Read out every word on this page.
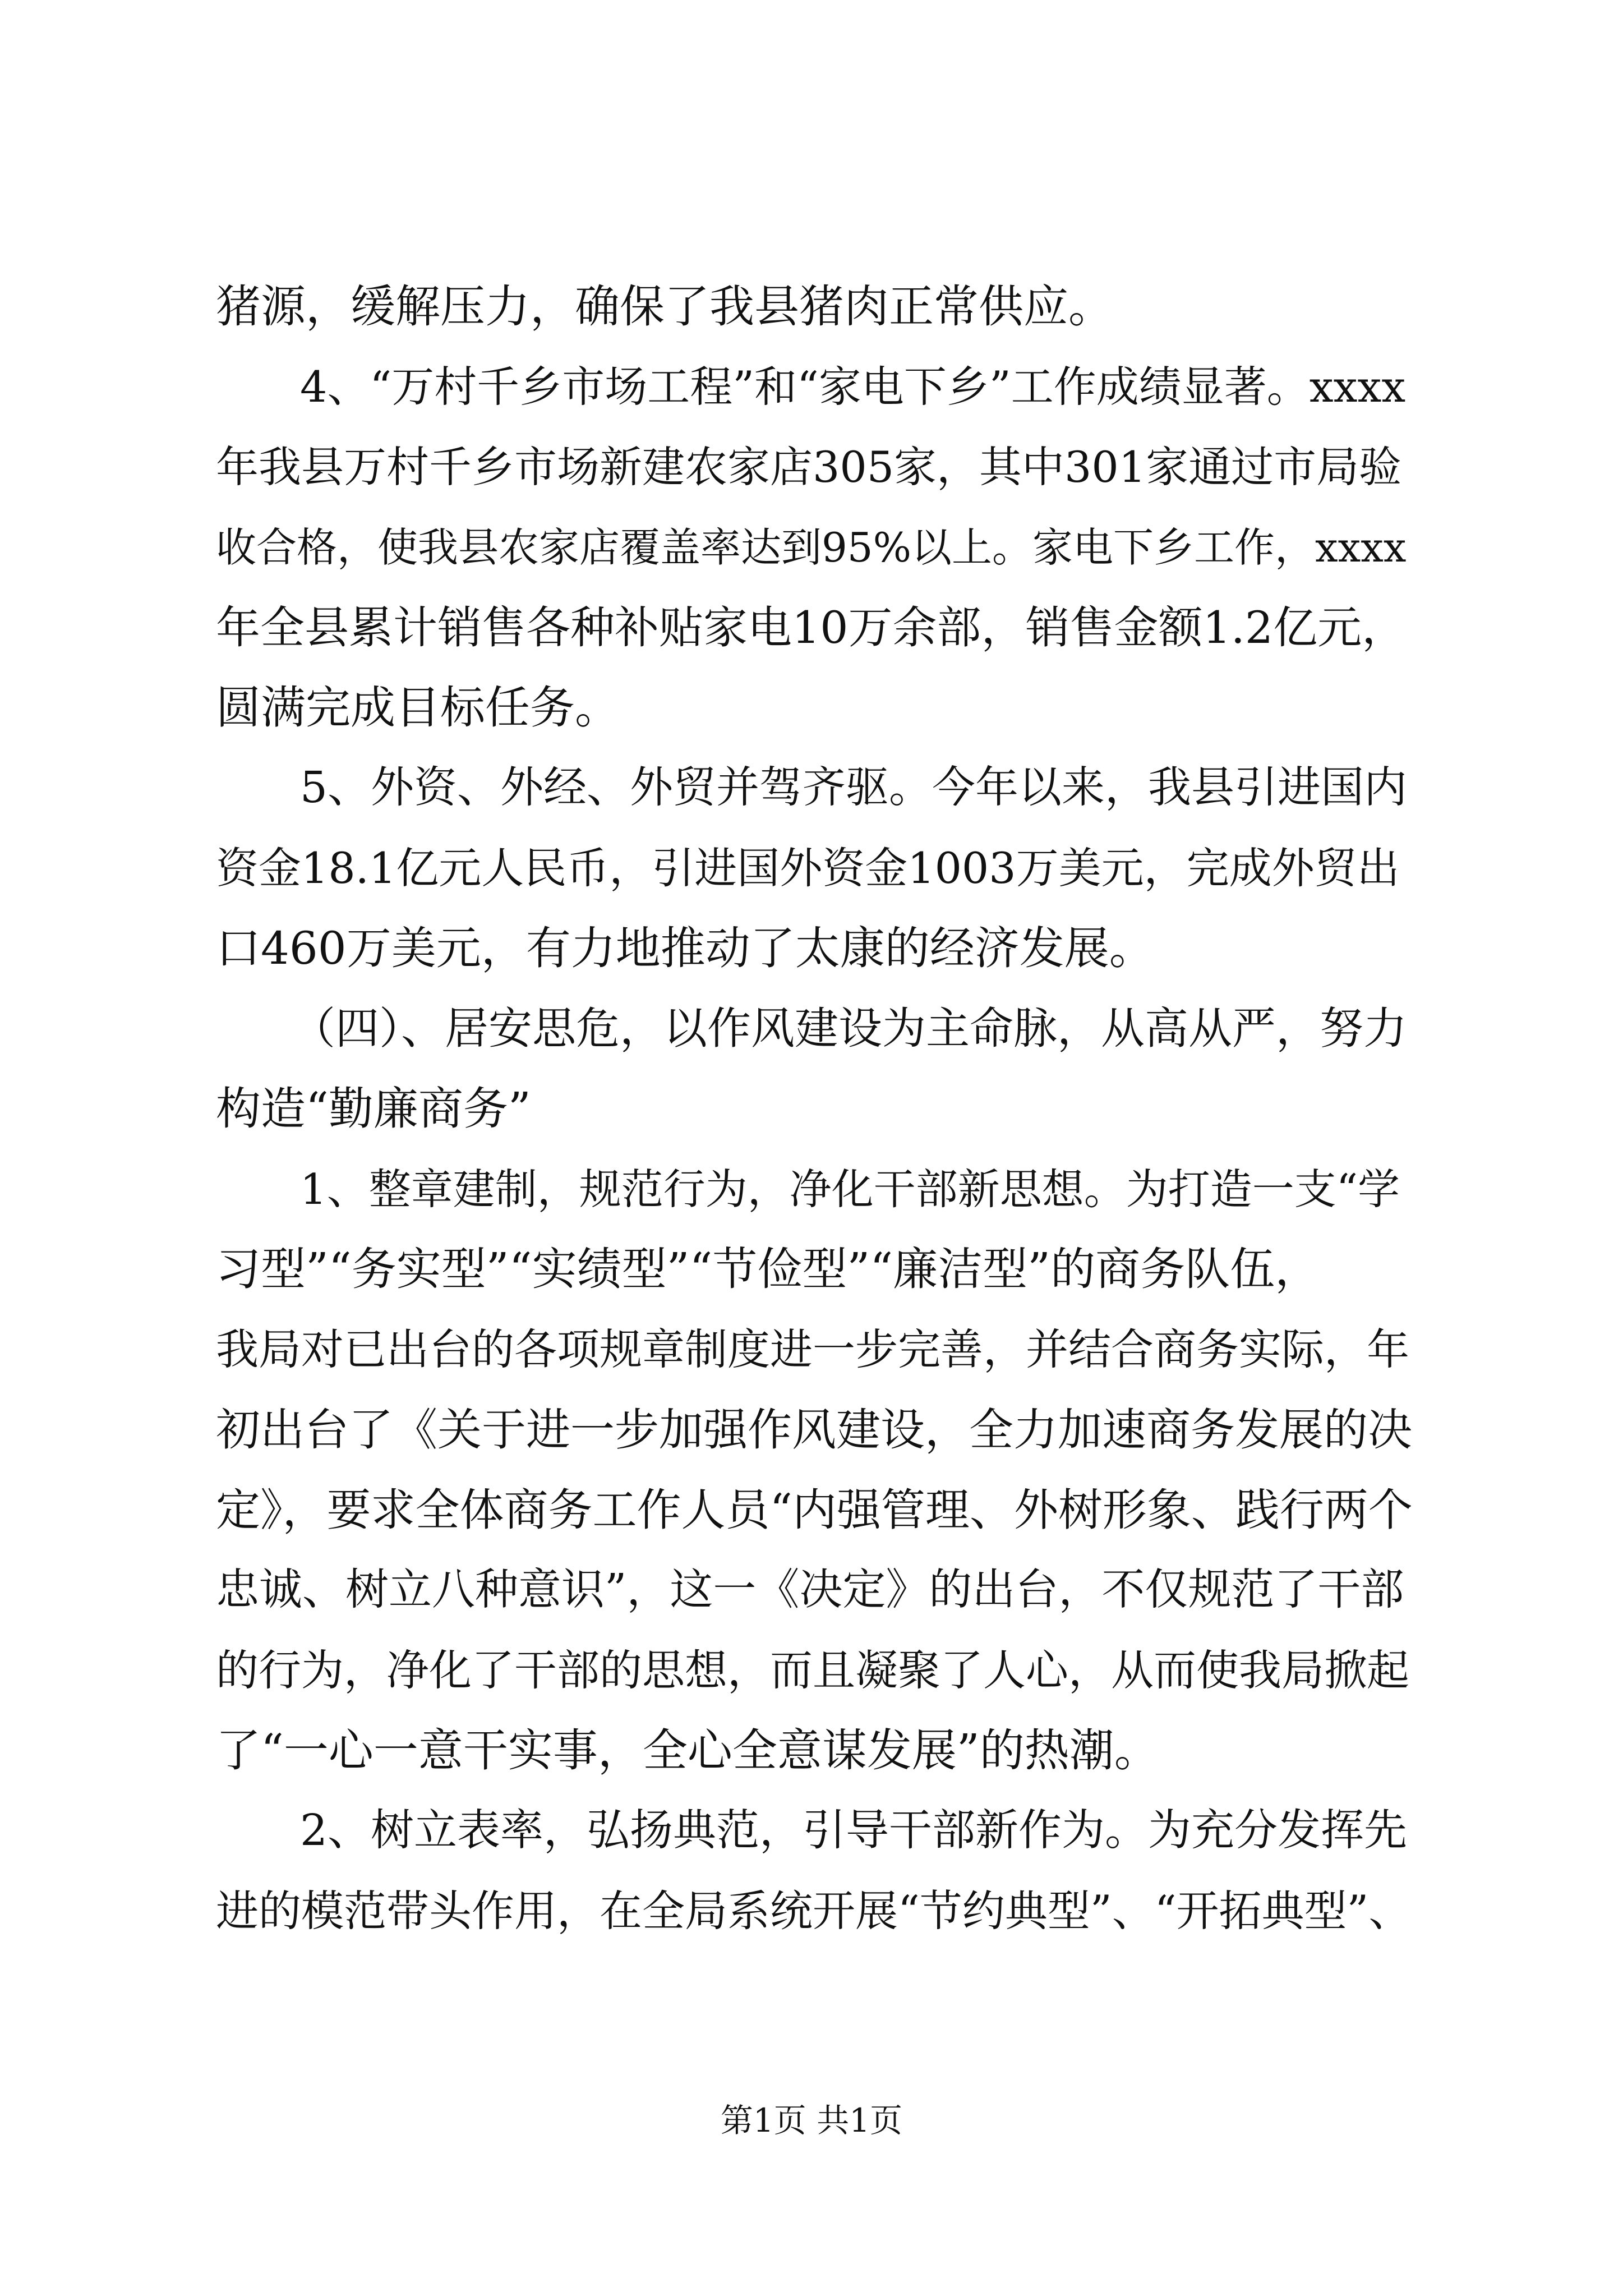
猪源，缓解压力，确保了我县猪肉正常供应。
4、“万村千乡市场工程”和“家电下乡”工作成绩显著。xxxx
年我县万村千乡市场新建农家店305家，其中301家通过市局验
收合格，使我县农家店覆盖率达到95%以上。家电下乡工作，xxxx
年全县累计销售各种补贴家电10万余部，销售金额1.2亿元，
圆满完成目标任务。
5、外资、外经、外贸并驾齐驱。今年以来，我县引进国内
资金18.1亿元人民币，引进国外资金1003万美元，完成外贸出
口460万美元，有力地推动了太康的经济发展。
（四）、居安思危，以作风建设为主命脉，从高从严，努力
构造“勤廉商务”
1、整章建制，规范行为，净化干部新思想。为打造一支“学
习型”“务实型”“实绩型”“节俭型”“廉洁型”的商务队伍，
我局对已出台的各项规章制度进一步完善，并结合商务实际，年
初出台了《关于进一步加强作风建设，全力加速商务发展的决
定》，要求全体商务工作人员“内强管理、外树形象、践行两个
忠诚、树立八种意识”，这一《决定》的出台，不仅规范了干部
的行为，净化了干部的思想，而且凝聚了人心，从而使我局掀起
了“一心一意干实事，全心全意谋发展”的热潮。
2、树立表率，弘扬典范，引导干部新作为。为充分发挥先
进的模范带头作用，在全局系统开展“节约典型”、“开拓典型”、
第1页 共1页
